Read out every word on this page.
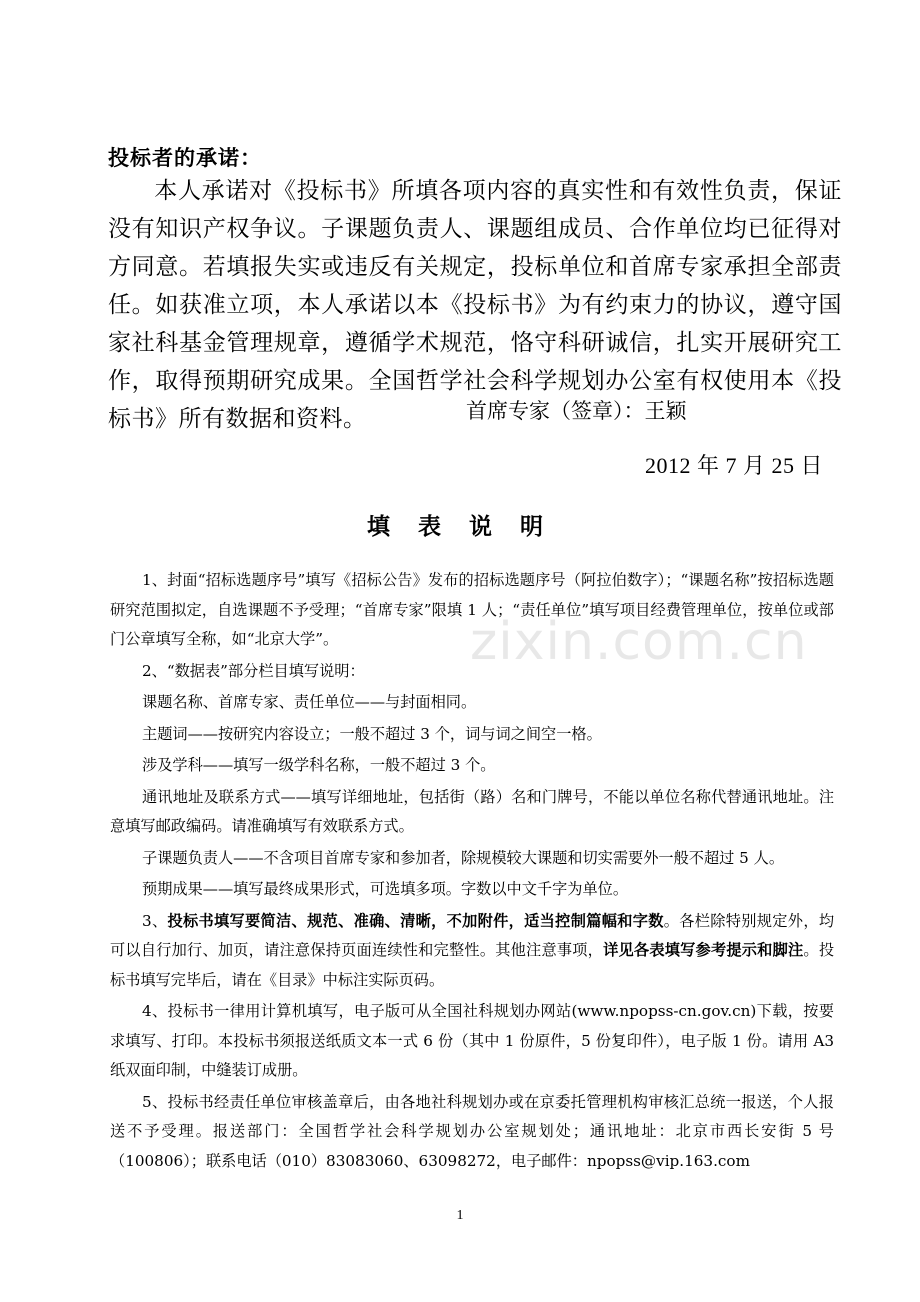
投标者的承诺：
本人承诺对《投标书》所填各项内容的真实性和有效性负责，保证没有知识产权争议。子课题负责人、课题组成员、合作单位均已征得对方同意。若填报失实或违反有关规定，投标单位和首席专家承担全部责任。如获准立项，本人承诺以本《投标书》为有约束力的协议，遵守国家社科基金管理规章，遵循学术规范，恪守科研诚信，扎实开展研究工作，取得预期研究成果。全国哲学社会科学规划办公室有权使用本《投标书》所有数据和资料。	首席专家（签章）：王颖
2012 年 7 月 25 日
填表说明
zixin.com.cn

1、封面“招标选题序号”填写《招标公告》发布的招标选题序号（阿拉伯数字）；“课题名称”按招标选题研究范围拟定，自选课题不予受理；“首席专家”限填 1 人；“责任单位”填写项目经费管理单位，按单位或部门公章填写全称，如“北京大学”。

2、“数据表”部分栏目填写说明：

课题名称、首席专家、责任单位——与封面相同。

主题词——按研究内容设立；一般不超过 3 个，词与词之间空一格。

涉及学科——填写一级学科名称，一般不超过 3 个。

通讯地址及联系方式——填写详细地址，包括街（路）名和门牌号，不能以单位名称代替通讯地址。注意填写邮政编码。请准确填写有效联系方式。

子课题负责人——不含项目首席专家和参加者，除规模较大课题和切实需要外一般不超过 5 人。

预期成果——填写最终成果形式，可选填多项。字数以中文千字为单位。

3、投标书填写要简洁、规范、准确、清晰，不加附件，适当控制篇幅和字数。各栏除特别规定外，均可以自行加行、加页，请注意保持页面连续性和完整性。其他注意事项，详见各表填写参考提示和脚注。投标书填写完毕后，请在《目录》中标注实际页码。

4、投标书一律用计算机填写，电子版可从全国社科规划办网站(www.npopss-cn.gov.cn)下载，按要求填写、打印。本投标书须报送纸质文本一式 6 份（其中 1 份原件，5 份复印件），电子版 1 份。请用 A3 纸双面印制，中缝装订成册。

5、投标书经责任单位审核盖章后，由各地社科规划办或在京委托管理机构审核汇总统一报送，个人报送不予受理。报送部门：全国哲学社会科学规划办公室规划处；通讯地址：北京市西长安街 5 号（100806）；联系电话（010）83083060、63098272，电子邮件：npopss@vip.163.com

1
